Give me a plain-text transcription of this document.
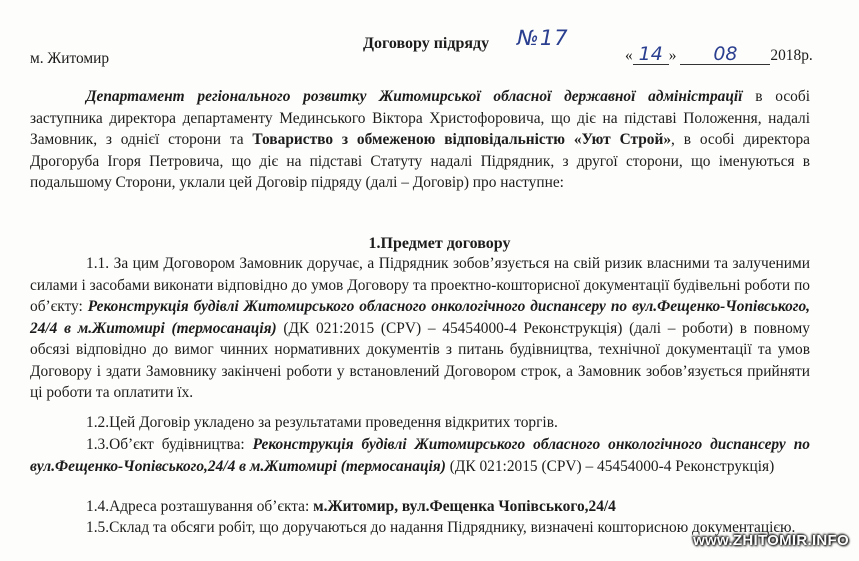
Договору підряду №17
м. Житомир	« 14 » 08 2018р.

Департамент регіонального розвитку Житомирської обласної державної адміністрації в особі заступника директора департаменту Мединського Віктора Христофоровича, що діє на підставі Положення, надалі Замовник, з однієї сторони та Товариство з обмеженою відповідальністю «Уют Строй», в особі директора Дрогоруба Ігоря Петровича, що діє на підставі Статуту надалі Підрядник, з другої сторони, що іменуються в подальшому Сторони, уклали цей Договір підряду (далі – Договір) про наступне:

1.Предмет договору

1.1. За цим Договором Замовник доручає, а Підрядник зобов’язується на свій ризик власними та залученими силами і засобами виконати відповідно до умов Договору та проектно-кошторисної документації будівельні роботи по об’єкту: Реконструкція будівлі Житомирського обласного онкологічного диспансеру по вул.Фещенко-Чопівського, 24/4 в м.Житомирі (термосанація) (ДК 021:2015 (CPV) – 45454000-4 Реконструкція) (далі – роботи) в повному обсязі відповідно до вимог чинних нормативних документів з питань будівництва, технічної документації та умов Договору і здати Замовнику закінчені роботи у встановлений Договором строк, а Замовник зобов’язується прийняти ці роботи та оплатити їх.

1.2.Цей Договір укладено за результатами проведення відкритих торгів.

1.3.Об’єкт будівництва: Реконструкція будівлі Житомирського обласного онкологічного диспансеру по вул.Фещенко-Чопівського,24/4 в м.Житомирі (термосанація) (ДК 021:2015 (CPV) – 45454000-4 Реконструкція)

1.4.Адреса розташування об’єкта: м.Житомир, вул.Фещенка Чопівського,24/4

1.5.Склад та обсяги робіт, що доручаються до надання Підряднику, визначені кошторисною документацією.

www.ZHITOMIR.INFO
